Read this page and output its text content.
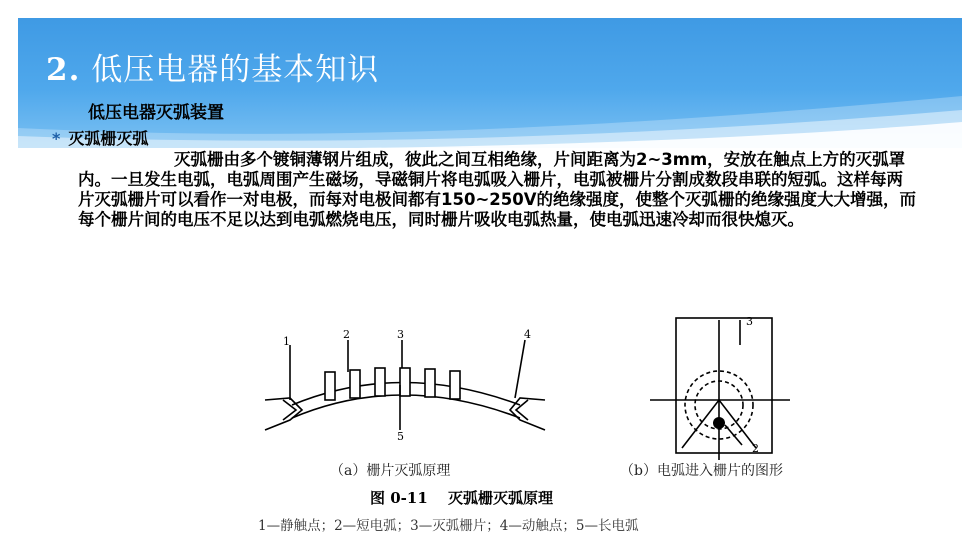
2. 低压电器的基本知识
低压电器灭弧装置
* 灭弧栅灭弧

灭弧栅由多个镀铜薄钢片组成，彼此之间互相绝缘，片间距离为2~3mm，安放在触点上方的灭弧罩内。一旦发生电弧，电弧周围产生磁场，导磁铜片将电弧吸入栅片，电弧被栅片分割成数段串联的短弧。这样每两片灭弧栅片可以看作一对电极，而每对电极间都有150~250V的绝缘强度，使整个灭弧栅的绝缘强度大大增强，而每个栅片间的电压不足以达到电弧燃烧电压，同时栅片吸收电弧热量，使电弧迅速冷却而很快熄灭。

1
2	3	4
5
3
2
（a）栅片灭弧原理	（b）电弧进入栅片的图形
图 0-11　 灭弧栅灭弧原理
1—静触点；2—短电弧；3—灭弧栅片；4—动触点；5—长电弧
